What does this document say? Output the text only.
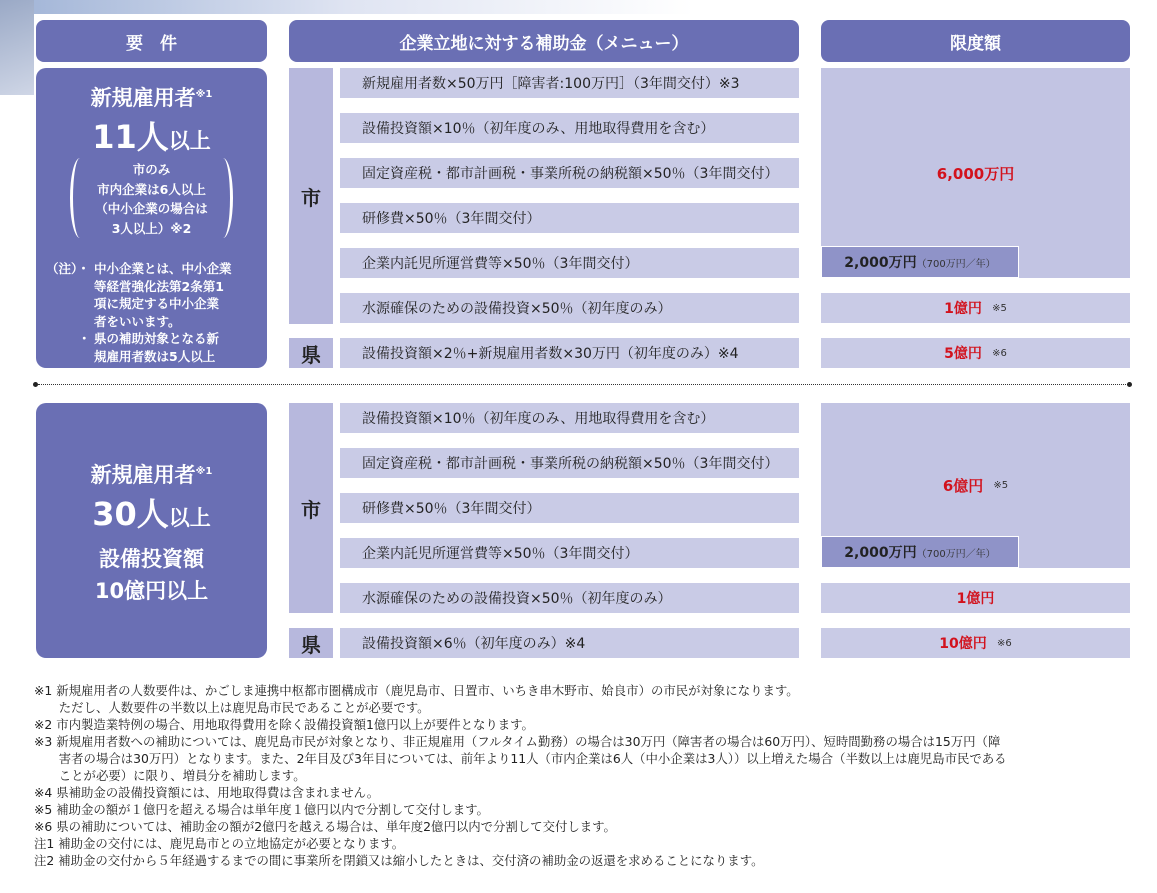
要　件	企業立地に対する補助金（メニュー）	限度額
新規雇用者$^{※1}$
11人以上
市のみ
市内企業は6人以上
（中小企業の場合は
3人以上）※2
（注）・ 中小企業とは、中小企業
等経営強化法第2条第1
項に規定する中小企業
者をいいます。
・ 県の補助対象となる新
規雇用者数は5人以上
市
県
新規雇用者数×50万円［障害者:100万円］（3年間交付）※3
設備投資額×10％（初年度のみ、用地取得費用を含む）
固定資産税・都市計画税・事業所税の納税額×50％（3年間交付）
研修費×50％（3年間交付）
企業内託児所運営費等×50％（3年間交付）
水源確保のための設備投資×50％（初年度のみ）
設備投資額×2％+新規雇用者数×30万円（初年度のみ）※4
6,000万円
2,000万円 （700万円／年）
1億円
※5
5億円
※6
新規雇用者$^{※1}$
30人以上
設備投資額
10億円以上
市
県
設備投資額×10％（初年度のみ、用地取得費用を含む）
固定資産税・都市計画税・事業所税の納税額×50％（3年間交付）
研修費×50％（3年間交付）
企業内託児所運営費等×50％（3年間交付）
水源確保のための設備投資×50％（初年度のみ）
設備投資額×6％（初年度のみ）※4
6億円
※5
2,000万円 （700万円／年）
1億円
10億円
※6
※1 新規雇用者の人数要件は、かごしま連携中枢都市圏構成市（鹿児島市、日置市、いちき串木野市、姶良市）の市民が対象になります。
　　ただし、人数要件の半数以上は鹿児島市民であることが必要です。
※2 市内製造業特例の場合、用地取得費用を除く設備投資額1億円以上が要件となります。
※3 新規雇用者数への補助については、鹿児島市民が対象となり、非正規雇用（フルタイム勤務）の場合は30万円（障害者の場合は60万円）、短時間勤務の場合は15万円（障
　　害者の場合は30万円）となります。また、2年目及び3年目については、前年より11人（市内企業は6人（中小企業は3人））以上増えた場合（半数以上は鹿児島市民である
　　ことが必要）に限り、増員分を補助します。
※4 県補助金の設備投資額には、用地取得費は含まれません。
※5 補助金の額が１億円を超える場合は単年度１億円以内で分割して交付します。
※6 県の補助については、補助金の額が2億円を越える場合は、単年度2億円以内で分割して交付します。
注1 補助金の交付には、鹿児島市との立地協定が必要となります。
注2 補助金の交付から５年経過するまでの間に事業所を閉鎖又は縮小したときは、交付済の補助金の返還を求めることになります。
